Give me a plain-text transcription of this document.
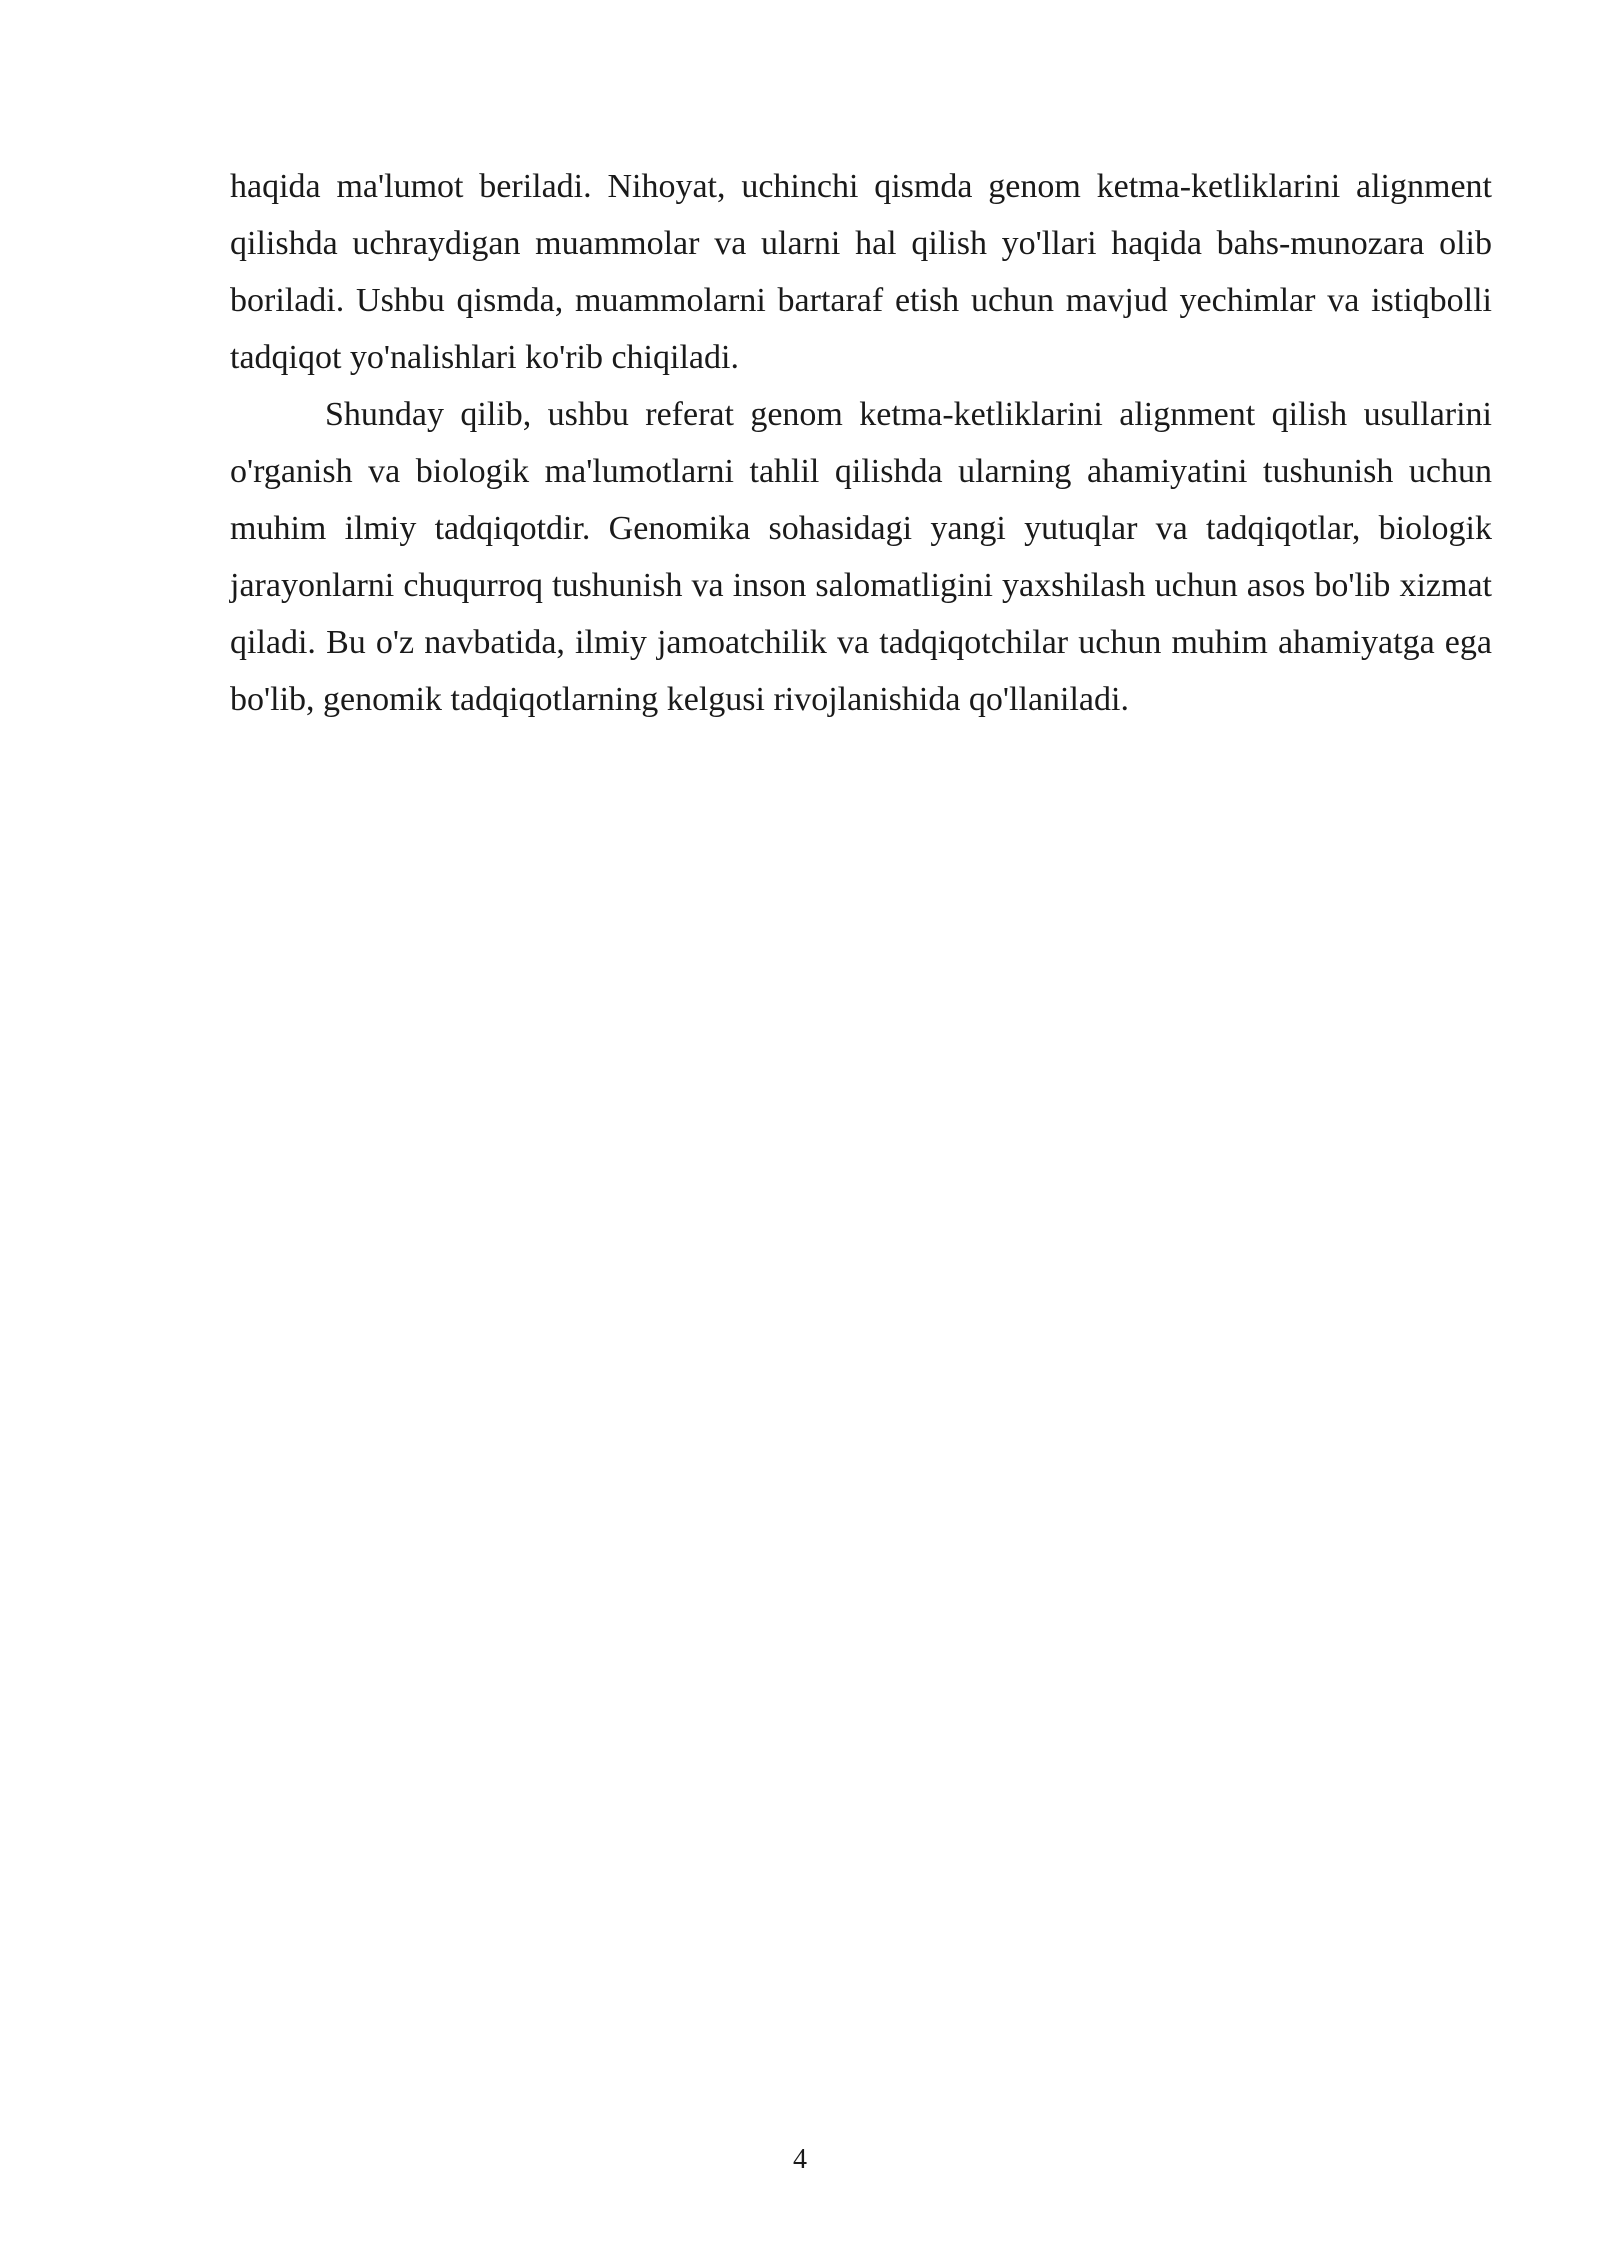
haqida ma'lumot beriladi. Nihoyat, uchinchi qismda genom ketma-ketliklarini alignment qilishda uchraydigan muammolar va ularni hal qilish yo'llari haqida bahs-munozara olib boriladi. Ushbu qismda, muammolarni bartaraf etish uchun mavjud yechimlar va istiqbolli tadqiqot yo'nalishlari ko'rib chiqiladi.

Shunday qilib, ushbu referat genom ketma-ketliklarini alignment qilish usullarini o'rganish va biologik ma'lumotlarni tahlil qilishda ularning ahamiyatini tushunish uchun muhim ilmiy tadqiqotdir. Genomika sohasidagi yangi yutuqlar va tadqiqotlar, biologik jarayonlarni chuqurroq tushunish va inson salomatligini yaxshilash uchun asos bo'lib xizmat qiladi. Bu o'z navbatida, ilmiy jamoatchilik va tadqiqotchilar uchun muhim ahamiyatga ega bo'lib, genomik tadqiqotlarning kelgusi rivojlanishida qo'llaniladi.

4
